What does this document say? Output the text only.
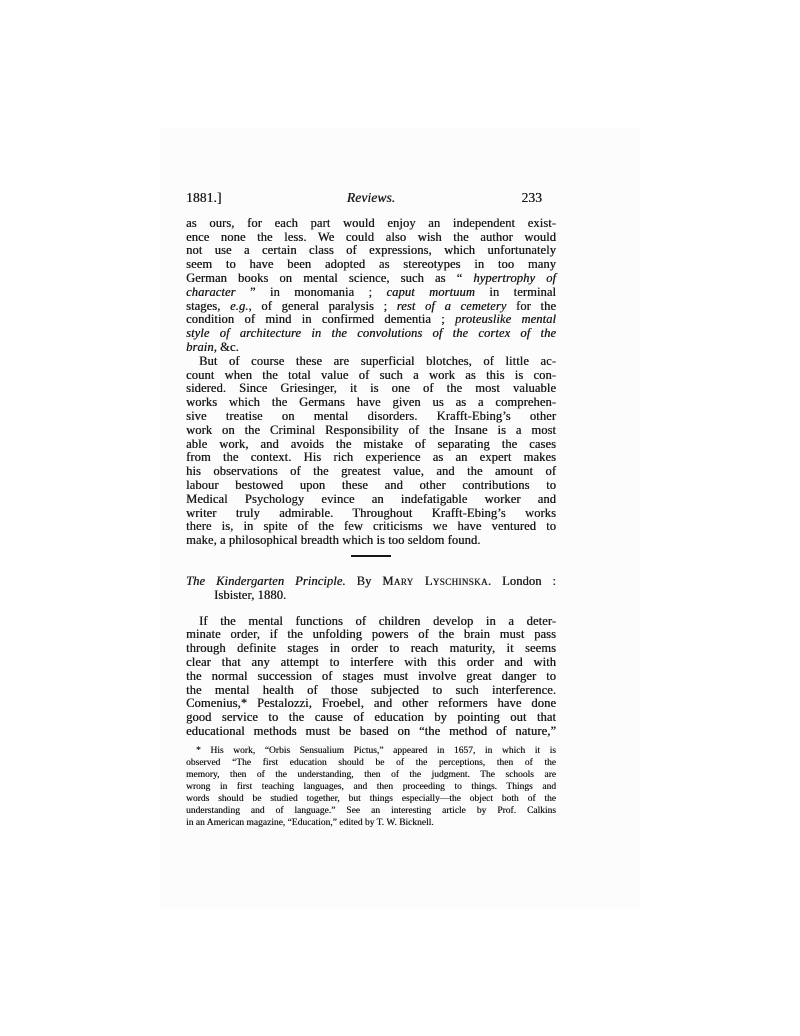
1881.]	Reviews.	233
as ours, for each part would enjoy an independent exist-
ence none the less. We could also wish the author would
not use a certain class of expressions, which unfortunately
seem to have been adopted as stereotypes in too many
German books on mental science, such as “ hypertrophy of
character ” in monomania ; caput mortuum in terminal
stages, e.g., of general paralysis ; rest of a cemetery for the
condition of mind in confirmed dementia ; proteuslike mental
style of architecture in the convolutions of the cortex of the
brain, &c.
But of course these are superficial blotches, of little ac-
count when the total value of such a work as this is con-
sidered. Since Griesinger, it is one of the most valuable
works which the Germans have given us as a comprehen-
sive treatise on mental disorders. Krafft-Ebing’s other
work on the Criminal Responsibility of the Insane is a most
able work, and avoids the mistake of separating the cases
from the context. His rich experience as an expert makes
his observations of the greatest value, and the amount of
labour bestowed upon these and other contributions to
Medical Psychology evince an indefatigable worker and
writer truly admirable. Throughout Krafft-Ebing’s works
there is, in spite of the few criticisms we have ventured to
make, a philosophical breadth which is too seldom found.
The Kindergarten Principle. By Mary Lyschinska. London :
Isbister, 1880.
If the mental functions of children develop in a deter-
minate order, if the unfolding powers of the brain must pass
through definite stages in order to reach maturity, it seems
clear that any attempt to interfere with this order and with
the normal succession of stages must involve great danger to
the mental health of those subjected to such interference.
Comenius,* Pestalozzi, Froebel, and other reformers have done
good service to the cause of education by pointing out that
educational methods must be based on “the method of nature,”
* His work, “Orbis Sensualium Pictus,” appeared in 1657, in which it is
observed “The first education should be of the perceptions, then of the
memory, then of the understanding, then of the judgment. The schools are
wrong in first teaching languages, and then proceeding to things. Things and
words should be studied together, but things especially—the object both of the
understanding and of language.” See an interesting article by Prof. Calkins
in an American magazine, “Education,” edited by T. W. Bicknell.
